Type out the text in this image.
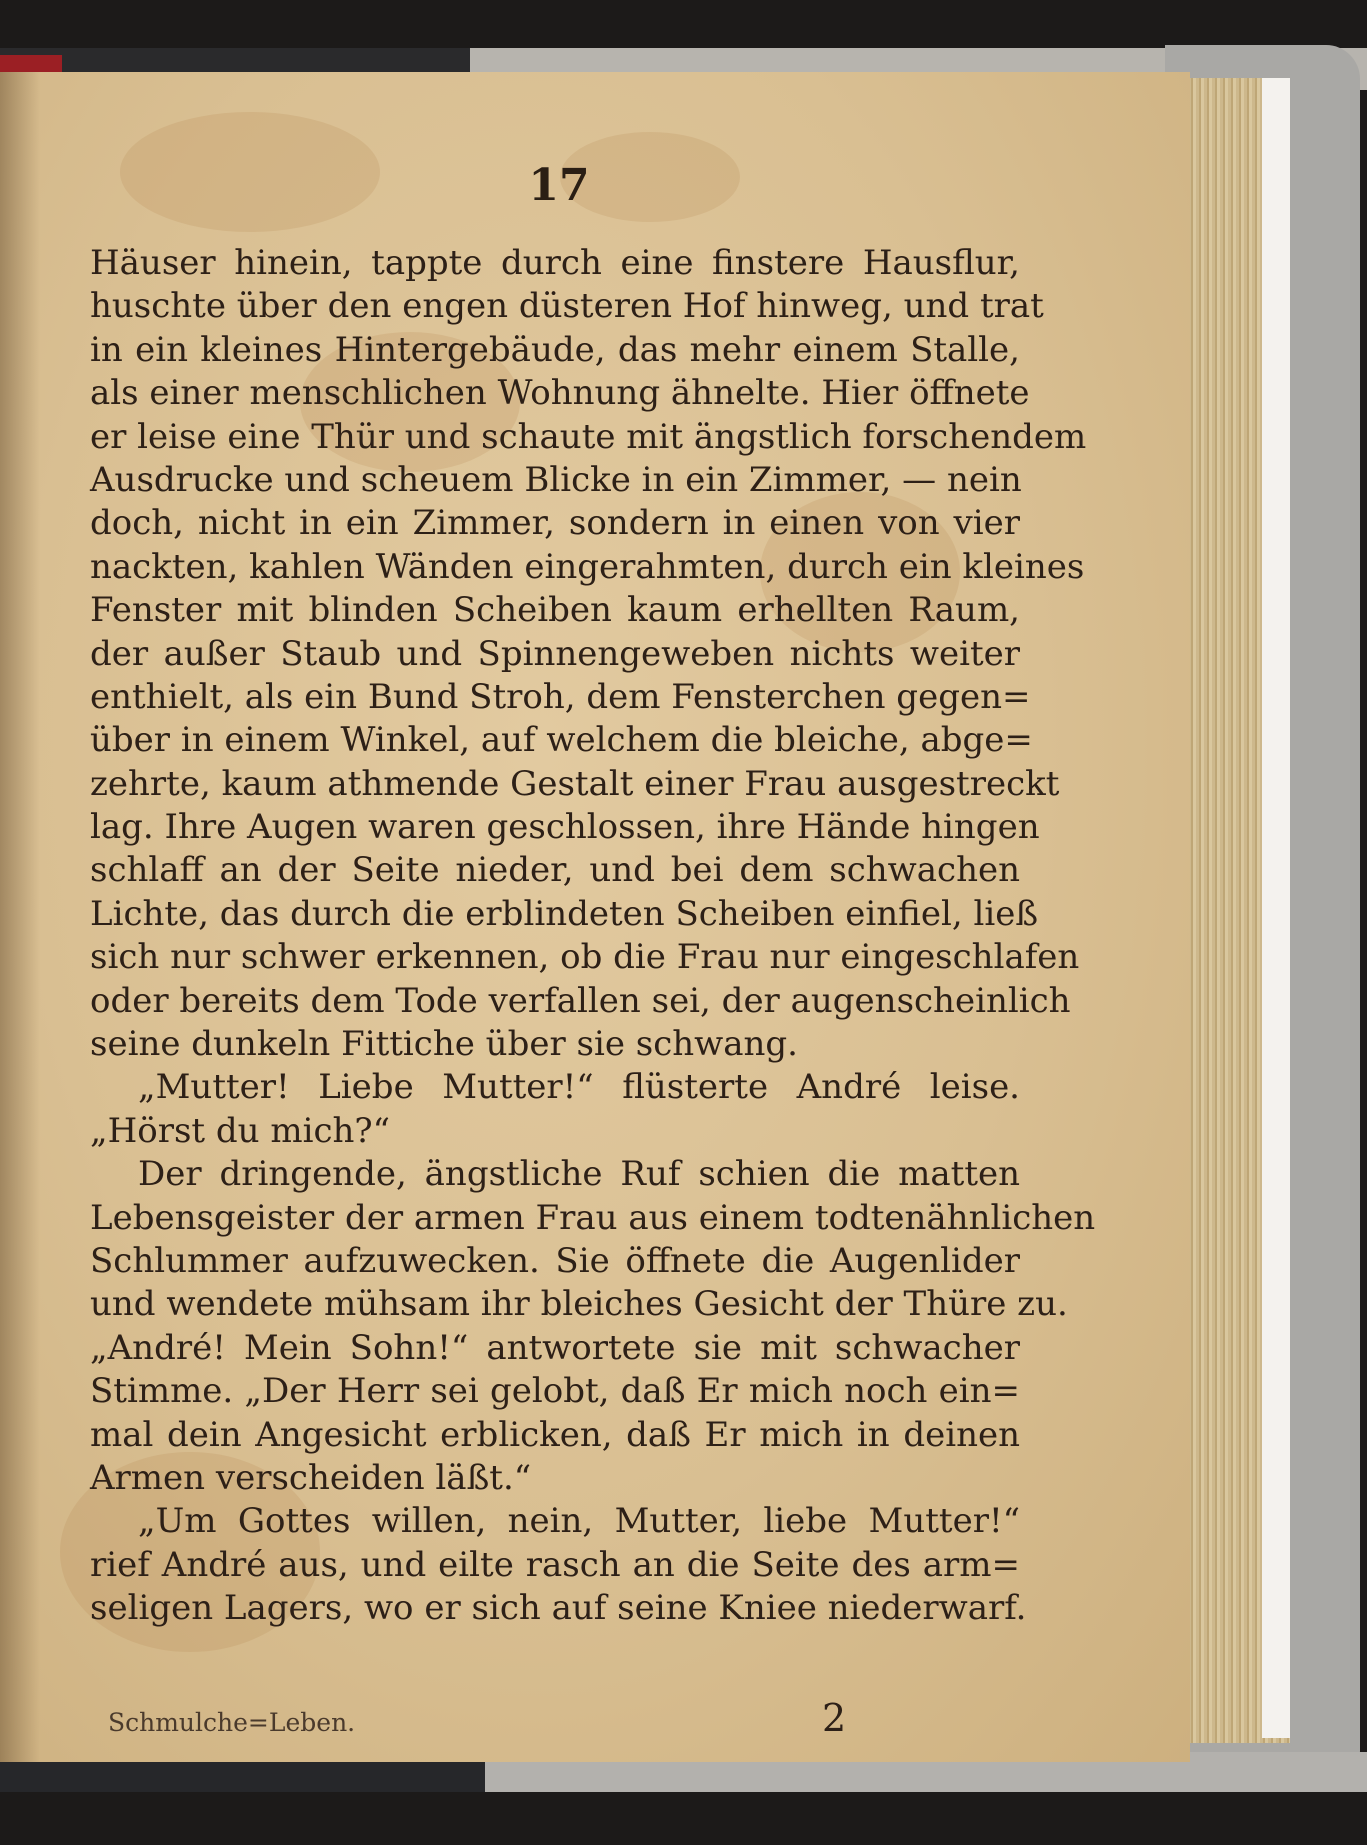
17

Häuser hinein, tappte durch eine finstere Hausflur,
huschte über den engen düsteren Hof hinweg, und trat
in ein kleines Hintergebäude, das mehr einem Stalle,
als einer menschlichen Wohnung ähnelte. Hier öffnete
er leise eine Thür und schaute mit ängstlich forschendem
Ausdrucke und scheuem Blicke in ein Zimmer, — nein
doch, nicht in ein Zimmer, sondern in einen von vier
nackten, kahlen Wänden eingerahmten, durch ein kleines
Fenster mit blinden Scheiben kaum erhellten Raum,
der außer Staub und Spinnengeweben nichts weiter
enthielt, als ein Bund Stroh, dem Fensterchen gegen=
über in einem Winkel, auf welchem die bleiche, abge=
zehrte, kaum athmende Gestalt einer Frau ausgestreckt
lag. Ihre Augen waren geschlossen, ihre Hände hingen
schlaff an der Seite nieder, und bei dem schwachen
Lichte, das durch die erblindeten Scheiben einfiel, ließ
sich nur schwer erkennen, ob die Frau nur eingeschlafen
oder bereits dem Tode verfallen sei, der augenscheinlich
seine dunkeln Fittiche über sie schwang.
„Mutter! Liebe Mutter!“ flüsterte André leise.
„Hörst du mich?“
Der dringende, ängstliche Ruf schien die matten
Lebensgeister der armen Frau aus einem todtenähnlichen
Schlummer aufzuwecken. Sie öffnete die Augenlider
und wendete mühsam ihr bleiches Gesicht der Thüre zu.
„André! Mein Sohn!“ antwortete sie mit schwacher
Stimme. „Der Herr sei gelobt, daß Er mich noch ein=
mal dein Angesicht erblicken, daß Er mich in deinen
Armen verscheiden läßt.“
„Um Gottes willen, nein, Mutter, liebe Mutter!“
rief André aus, und eilte rasch an die Seite des arm=
seligen Lagers, wo er sich auf seine Kniee niederwarf.

Schmulche=Leben.	2
